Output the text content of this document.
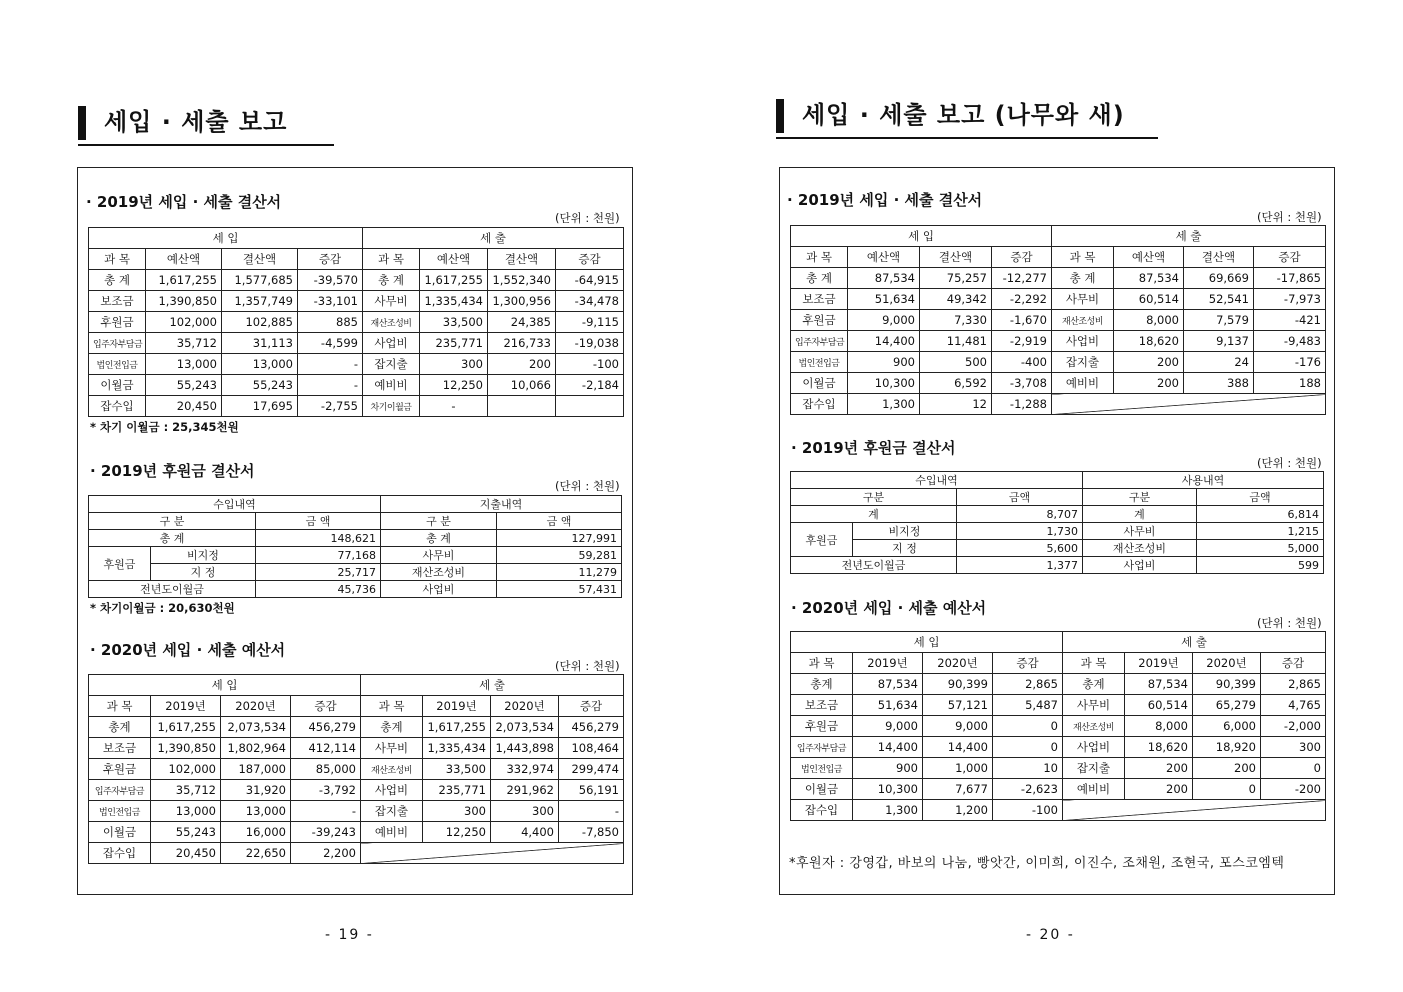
세입 · 세출 보고
· 2019년 세입 · 세출 결산서
(단위 : 천원)
세 입				세 출			
과 목	예산액	결산액	증감	과 목	예산액	결산액	증감
총 계	1,617,255	1,577,685	-39,570	총 계	1,617,255	1,552,340	-64,915
보조금	1,390,850	1,357,749	-33,101	사무비	1,335,434	1,300,956	-34,478
후원금	102,000	102,885	885	재산조성비	33,500	24,385	-9,115
입주자부담금	35,712	31,113	-4,599	사업비	235,771	216,733	-19,038
법인전입금	13,000	13,000	-	잡지출	300	200	-100
이월금	55,243	55,243	-	예비비	12,250	10,066	-2,184
잡수입	20,450	17,695	-2,755	차기이월금	-		
* 차기 이월금 : 25,345천원
· 2019년 후원금 결산서
(단위 : 천원)
수입내역			지출내역	
구 분		금 액	구 분	금 액
총 계		148,621	총 계	127,991
후원금	비지정	77,168	사무비	59,281
	지 정	25,717	재산조성비	11,279
전년도이월금		45,736	사업비	57,431
* 차기이월금 : 20,630천원
· 2020년 세입 · 세출 예산서
(단위 : 천원)
세 입				세 출			
과 목	2019년	2020년	증감	과 목	2019년	2020년	증감
총계	1,617,255	2,073,534	456,279	총계	1,617,255	2,073,534	456,279
보조금	1,390,850	1,802,964	412,114	사무비	1,335,434	1,443,898	108,464
후원금	102,000	187,000	85,000	재산조성비	33,500	332,974	299,474
입주자부담금	35,712	31,920	-3,792	사업비	235,771	291,962	56,191
법인전입금	13,000	13,000	-	잡지출	300	300	-
이월금	55,243	16,000	-39,243	예비비	12,250	4,400	-7,850
잡수입	20,450	22,650	2,200				
- 19 -
세입 · 세출 보고 (나무와 새)
· 2019년 세입 · 세출 결산서
(단위 : 천원)
세 입				세 출			
과 목	예산액	결산액	증감	과 목	예산액	결산액	증감
총 계	87,534	75,257	-12,277	총 계	87,534	69,669	-17,865
보조금	51,634	49,342	-2,292	사무비	60,514	52,541	-7,973
후원금	9,000	7,330	-1,670	재산조성비	8,000	7,579	-421
입주자부담금	14,400	11,481	-2,919	사업비	18,620	9,137	-9,483
법인전입금	900	500	-400	잡지출	200	24	-176
이월금	10,300	6,592	-3,708	예비비	200	388	188
잡수입	1,300	12	-1,288				
· 2019년 후원금 결산서
(단위 : 천원)
수입내역			사용내역	
구분		금액	구분	금액
계		8,707	계	6,814
후원금	비지정	1,730	사무비	1,215
	지 정	5,600	재산조성비	5,000
전년도이월금		1,377	사업비	599
· 2020년 세입 · 세출 예산서
(단위 : 천원)
세 입				세 출			
과 목	2019년	2020년	증감	과 목	2019년	2020년	증감
총계	87,534	90,399	2,865	총계	87,534	90,399	2,865
보조금	51,634	57,121	5,487	사무비	60,514	65,279	4,765
후원금	9,000	9,000	0	재산조성비	8,000	6,000	-2,000
입주자부담금	14,400	14,400	0	사업비	18,620	18,920	300
법인전입금	900	1,000	10	잡지출	200	200	0
이월금	10,300	7,677	-2,623	예비비	200	0	-200
잡수입	1,300	1,200	-100				
*후원자 : 강영갑, 바보의 나눔, 빵앗간, 이미희, 이진수, 조채원, 조현국, 포스코엠텍
- 20 -
